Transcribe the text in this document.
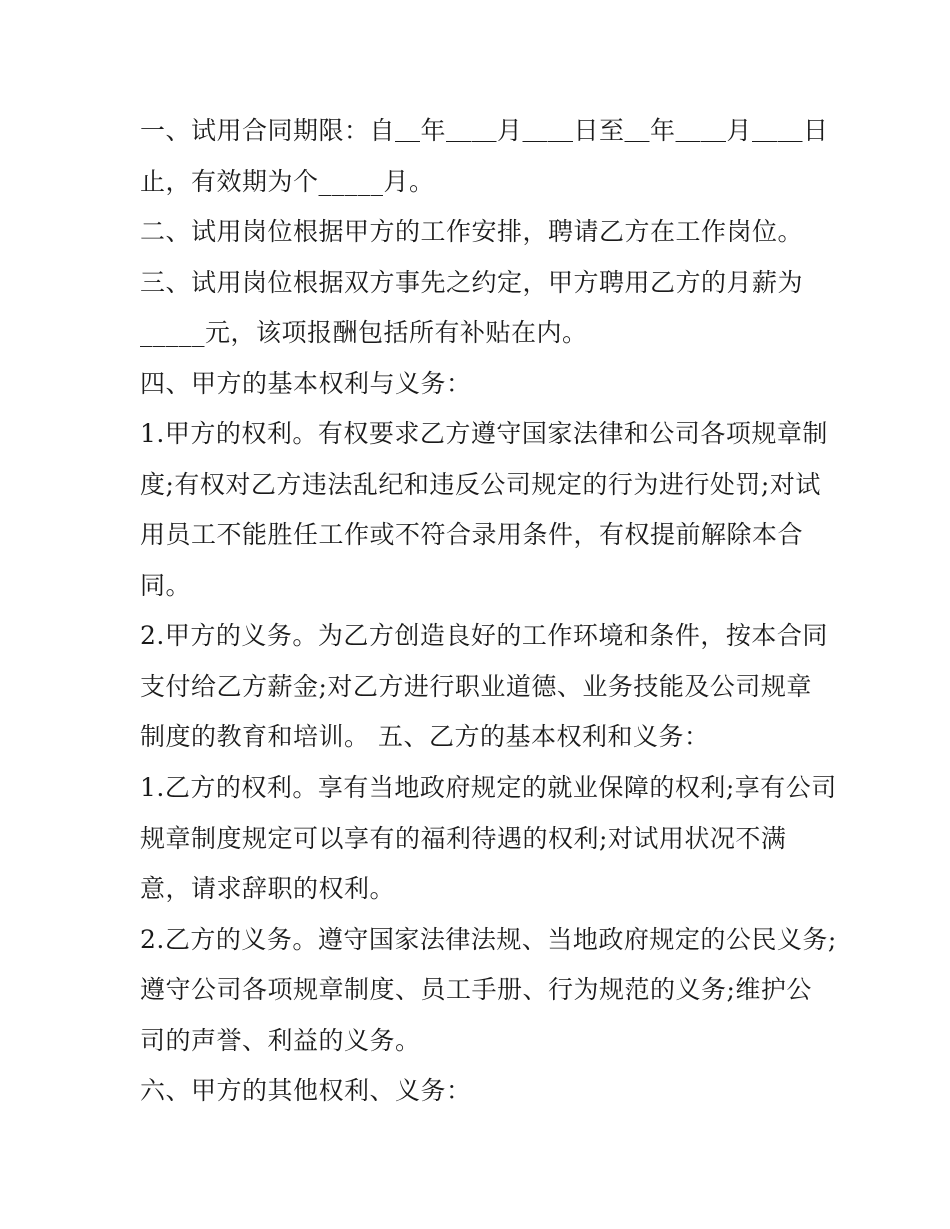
一、试用合同期限：自＿年＿＿月＿＿日至＿年＿＿月＿＿日
止，有效期为个_____月。
二、试用岗位根据甲方的工作安排，聘请乙方在工作岗位。
三、试用岗位根据双方事先之约定，甲方聘用乙方的月薪为
_____元，该项报酬包括所有补贴在内。
四、甲方的基本权利与义务：
1.甲方的权利。有权要求乙方遵守国家法律和公司各项规章制
度;有权对乙方违法乱纪和违反公司规定的行为进行处罚;对试
用员工不能胜任工作或不符合录用条件，有权提前解除本合
同。
2.甲方的义务。为乙方创造良好的工作环境和条件，按本合同
支付给乙方薪金;对乙方进行职业道德、业务技能及公司规章
制度的教育和培训。 五、乙方的基本权利和义务：
1.乙方的权利。享有当地政府规定的就业保障的权利;享有公司
规章制度规定可以享有的福利待遇的权利;对试用状况不满
意，请求辞职的权利。
2.乙方的义务。遵守国家法律法规、当地政府规定的公民义务;
遵守公司各项规章制度、员工手册、行为规范的义务;维护公
司的声誉、利益的义务。
六、甲方的其他权利、义务：
